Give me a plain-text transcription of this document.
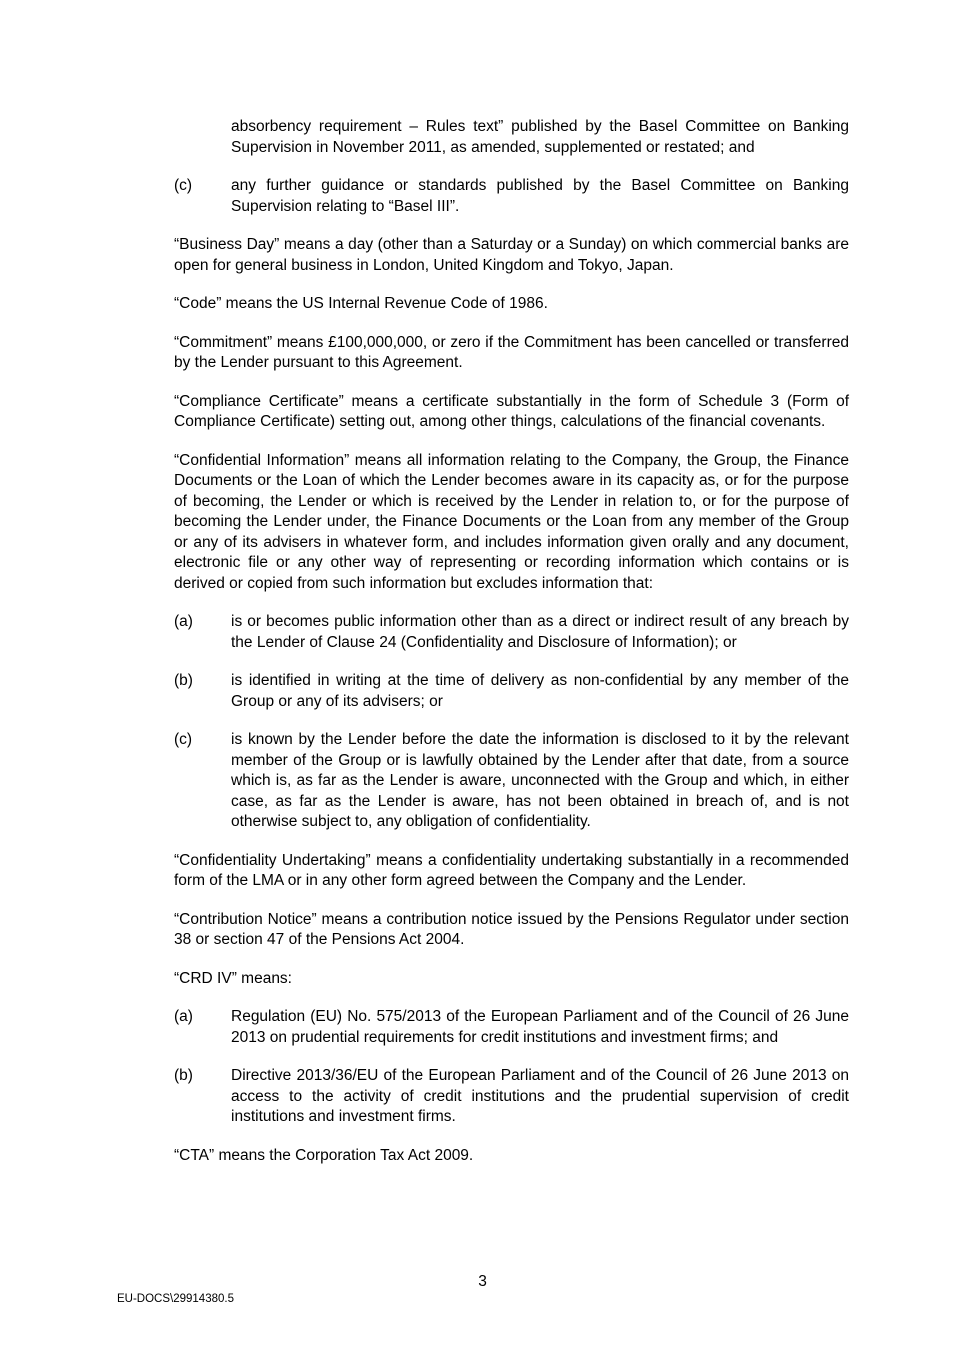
absorbency requirement – Rules text” published by the Basel Committee on Banking Supervision in November 2011, as amended, supplemented or restated; and
(c)	any further guidance or standards published by the Basel Committee on Banking Supervision relating to “Basel III”.

“Business Day” means a day (other than a Saturday or a Sunday) on which commercial banks are open for general business in London, United Kingdom and Tokyo, Japan.

“Code” means the US Internal Revenue Code of 1986.

“Commitment” means £100,000,000, or zero if the Commitment has been cancelled or transferred by the Lender pursuant to this Agreement.

“Compliance Certificate” means a certificate substantially in the form of Schedule 3 (Form of Compliance Certificate) setting out, among other things, calculations of the financial covenants.

“Confidential Information” means all information relating to the Company, the Group, the Finance Documents or the Loan of which the Lender becomes aware in its capacity as, or for the purpose of becoming, the Lender or which is received by the Lender in relation to, or for the purpose of becoming the Lender under, the Finance Documents or the Loan from any member of the Group or any of its advisers in whatever form, and includes information given orally and any document, electronic file or any other way of representing or recording information which contains or is derived or copied from such information but excludes information that:

(a)	is or becomes public information other than as a direct or indirect result of any breach by the Lender of Clause 24 (Confidentiality and Disclosure of Information); or
(b)	is identified in writing at the time of delivery as non-confidential by any member of the Group or any of its advisers; or
(c)	is known by the Lender before the date the information is disclosed to it by the relevant member of the Group or is lawfully obtained by the Lender after that date, from a source which is, as far as the Lender is aware, unconnected with the Group and which, in either case, as far as the Lender is aware, has not been obtained in breach of, and is not otherwise subject to, any obligation of confidentiality.

“Confidentiality Undertaking” means a confidentiality undertaking substantially in a recommended form of the LMA or in any other form agreed between the Company and the Lender.

“Contribution Notice” means a contribution notice issued by the Pensions Regulator under section 38 or section 47 of the Pensions Act 2004.

“CRD IV” means:

(a)	Regulation (EU) No. 575/2013 of the European Parliament and of the Council of 26 June 2013 on prudential requirements for credit institutions and investment firms; and
(b)	Directive 2013/36/EU of the European Parliament and of the Council of 26 June 2013 on access to the activity of credit institutions and the prudential supervision of credit institutions and investment firms.

“CTA” means the Corporation Tax Act 2009.

3
EU-DOCS\29914380.5
